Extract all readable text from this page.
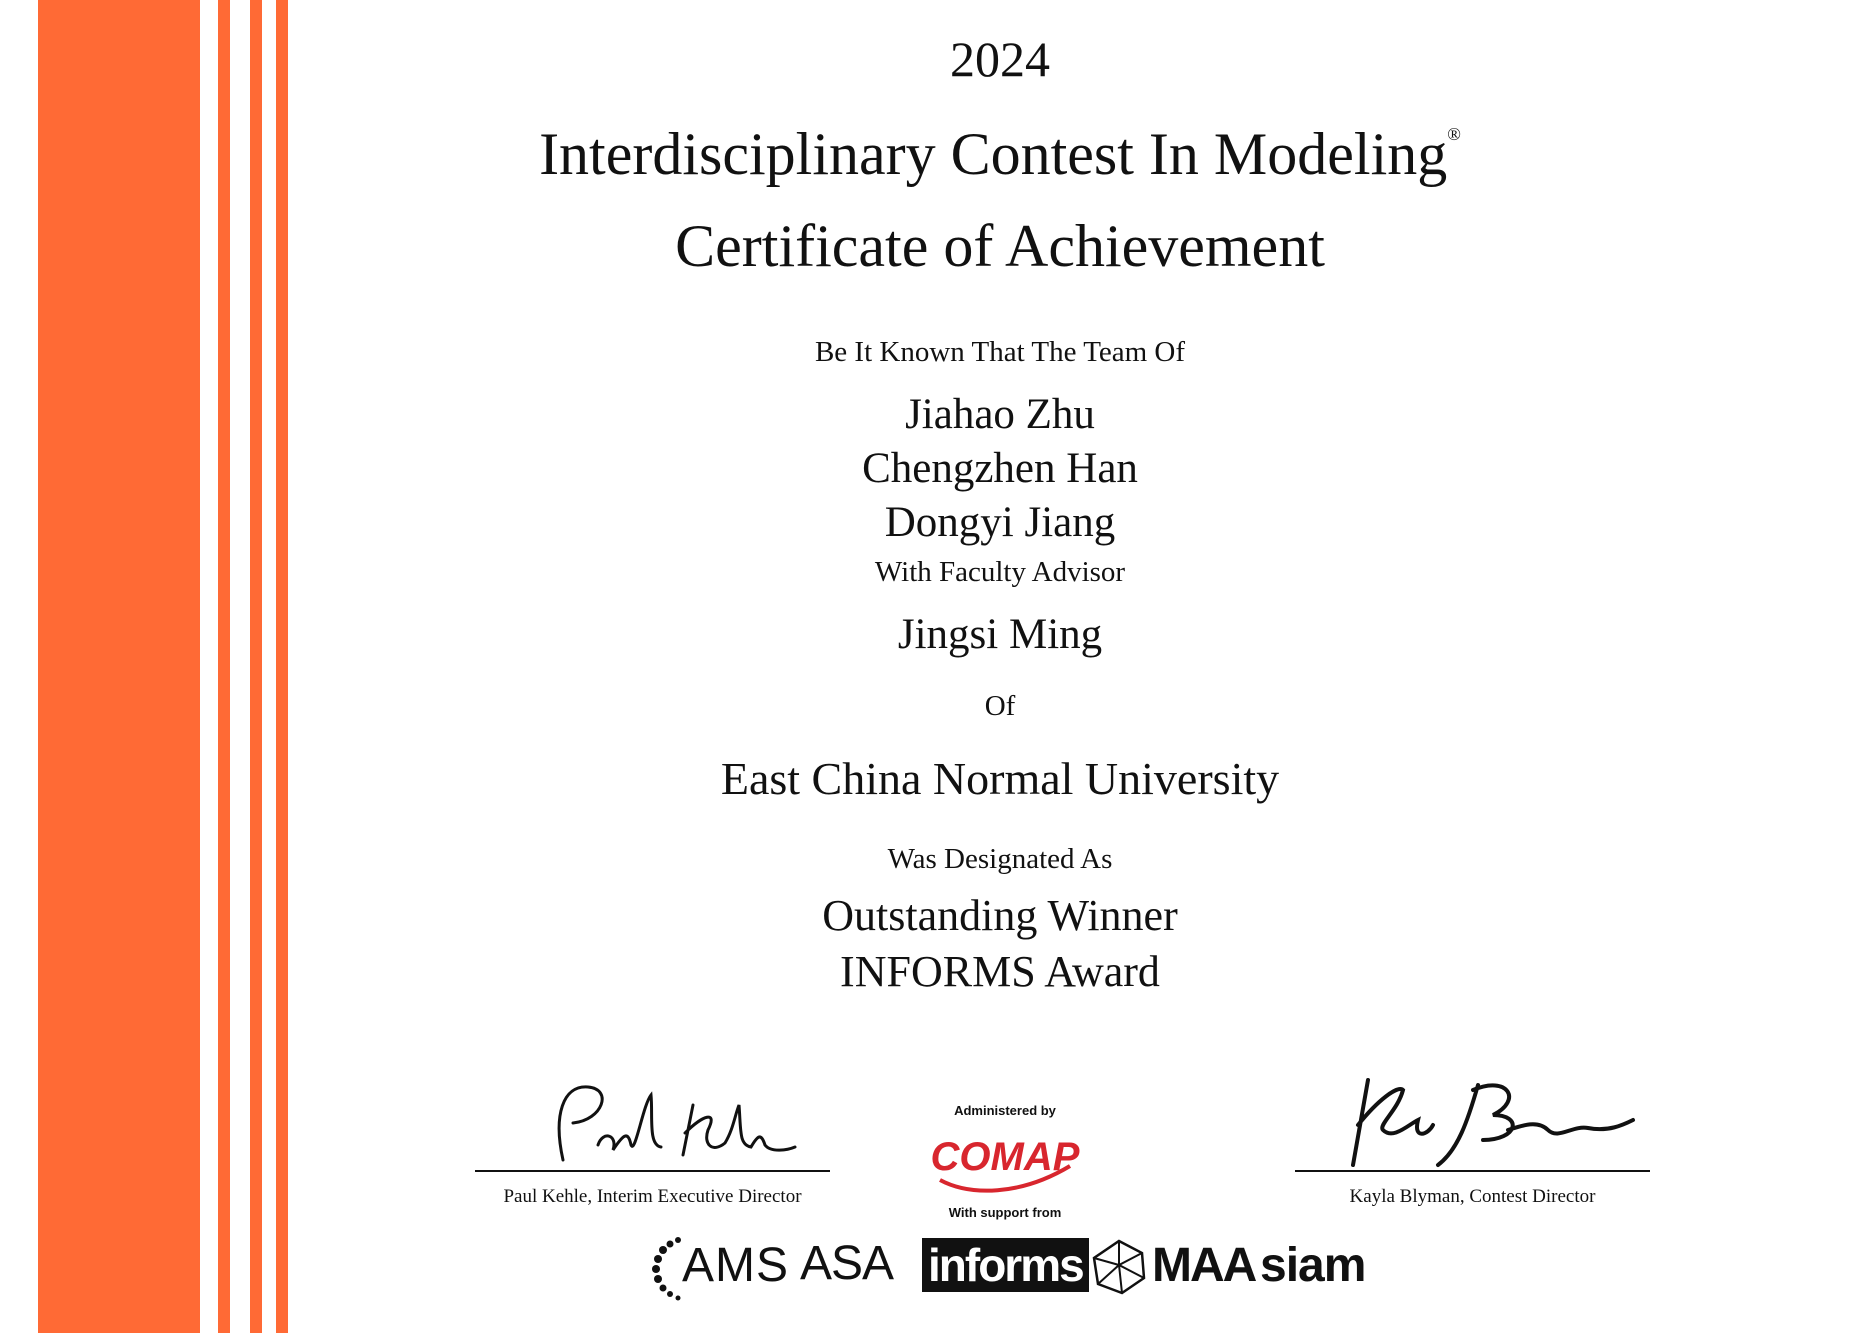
2024
Interdisciplinary Contest In Modeling®
Certificate of Achievement
Be It Known That The Team Of
Jiahao Zhu
Chengzhen Han
Dongyi Jiang
With Faculty Advisor
Jingsi Ming
Of
East China Normal University
Was Designated As
Outstanding Winner
INFORMS Award
Paul Kehle, Interim Executive Director
Administered by
COMAP
With support from
Kayla Blyman, Contest Director
AMS ASA informs MAA siam
